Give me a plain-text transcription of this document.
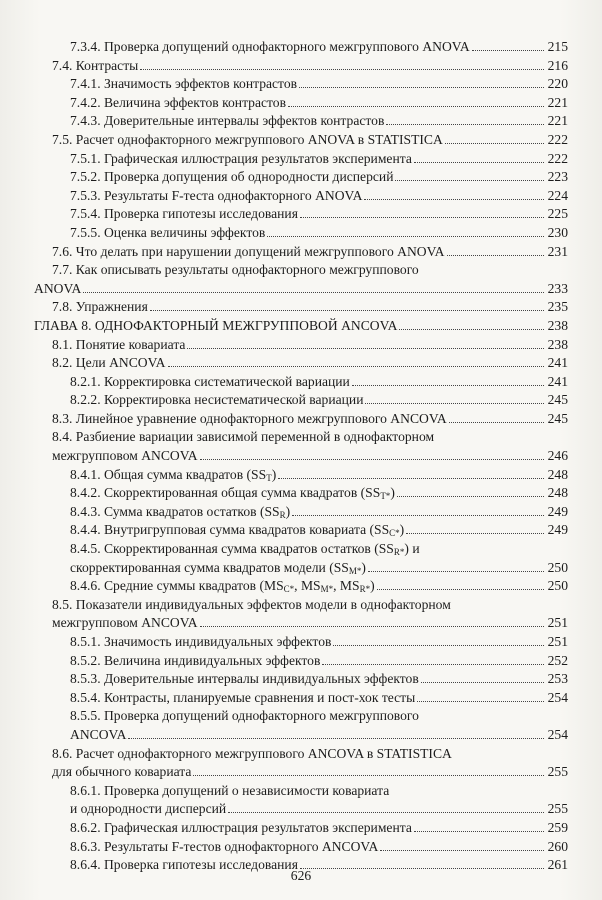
7.3.4. Проверка допущений однофакторного межгруппового ANOVA	215
7.4. Контрасты	216
7.4.1. Значимость эффектов контрастов	220
7.4.2. Величина эффектов контрастов	221
7.4.3. Доверительные интервалы эффектов контрастов	221
7.5. Расчет однофакторного межгруппового ANOVA в STATISTICA	222
7.5.1. Графическая иллюстрация результатов эксперимента	222
7.5.2. Проверка допущения об однородности дисперсий	223
7.5.3. Результаты F-теста однофакторного ANOVA	224
7.5.4. Проверка гипотезы исследования	225
7.5.5. Оценка величины эффектов	230
7.6. Что делать при нарушении допущений межгруппового ANOVA	231
7.7. Как описывать результаты однофакторного межгруппового
ANOVA	233
7.8. Упражнения	235
ГЛАВА 8. ОДНОФАКТОРНЫЙ МЕЖГРУППОВОЙ ANCOVA	238
8.1. Понятие ковариата	238
8.2. Цели ANCOVA	241
8.2.1. Корректировка систематической вариации	241
8.2.2. Корректировка несистематической вариации	245
8.3. Линейное уравнение однофакторного межгруппового ANCOVA	245
8.4. Разбиение вариации зависимой переменной в однофакторном
межгрупповом ANCOVA	246
8.4.1. Общая сумма квадратов $(SS_T)$	248
8.4.2. Скорректированная общая сумма квадратов $(SS_{T*})$	248
8.4.3. Сумма квадратов остатков $(SS_R)$	249
8.4.4. Внутригрупповая сумма квадратов ковариата $(SS_{C*})$	249
8.4.5. Скорректированная сумма квадратов остатков $(SS_{R*})$ и
скорректированная сумма квадратов модели $(SS_{M*})$	250
8.4.6. Средние суммы квадратов ($MS_{C*}$, $MS_{M*}$, $MS_{R*}$)	250
8.5. Показатели индивидуальных эффектов модели в однофакторном
межгрупповом ANCOVA	251
8.5.1. Значимость индивидуальных эффектов	251
8.5.2. Величина индивидуальных эффектов	252
8.5.3. Доверительные интервалы индивидуальных эффектов	253
8.5.4. Контрасты, планируемые сравнения и пост-хок тесты	254
8.5.5. Проверка допущений однофакторного межгруппового
ANCOVA	254
8.6. Расчет однофакторного межгруппового ANCOVA в STATISTICA
для обычного ковариата	255
8.6.1. Проверка допущений о независимости ковариата
и однородности дисперсий	255
8.6.2. Графическая иллюстрация результатов эксперимента	259
8.6.3. Результаты F-тестов однофакторного ANCOVA	260
8.6.4. Проверка гипотезы исследования	261
626
